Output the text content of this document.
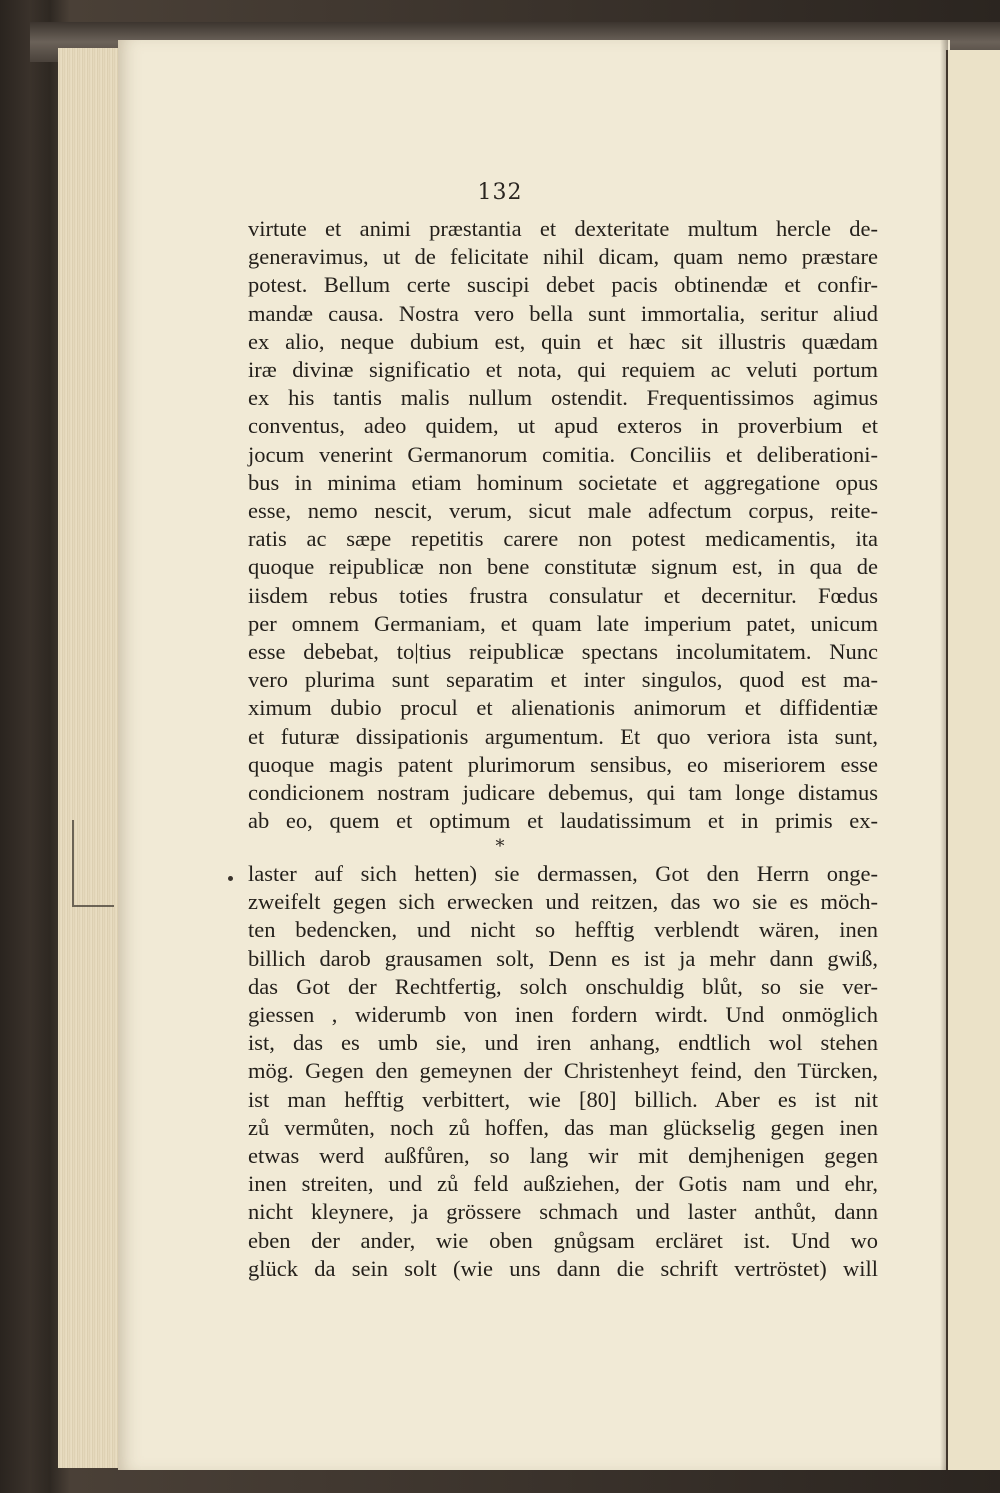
132
virtute et animi præstantia et dexteritate multum hercle de-
generavimus, ut de felicitate nihil dicam, quam nemo præstare
potest. Bellum certe suscipi debet pacis obtinendæ et confir-
mandæ causa. Nostra vero bella sunt immortalia, seritur aliud
ex alio, neque dubium est, quin et hæc sit illustris quædam
iræ divinæ significatio et nota, qui requiem ac veluti portum
ex his tantis malis nullum ostendit. Frequentissimos agimus
conventus, adeo quidem, ut apud exteros in proverbium et
jocum venerint Germanorum comitia. Conciliis et deliberationi-
bus in minima etiam hominum societate et aggregatione opus
esse, nemo nescit, verum, sicut male adfectum corpus, reite-
ratis ac sæpe repetitis carere non potest medicamentis, ita
quoque reipublicæ non bene constitutæ signum est, in qua de
iisdem rebus toties frustra consulatur et decernitur. Fœdus
per omnem Germaniam, et quam late imperium patet, unicum
esse debebat, to|tius reipublicæ spectans incolumitatem. Nunc
vero plurima sunt separatim et inter singulos, quod est ma-
ximum dubio procul et alienationis animorum et diffidentiæ
et futuræ dissipationis argumentum. Et quo veriora ista sunt,
quoque magis patent plurimorum sensibus, eo miseriorem esse
condicionem nostram judicare debemus, qui tam longe distamus
ab eo, quem et optimum et laudatissimum et in primis ex-
*
laster auf sich hetten) sie dermassen, Got den Herrn onge-
zweifelt gegen sich erwecken und reitzen, das wo sie es möch-
ten bedencken, und nicht so hefftig verblendt wären, inen
billich darob grausamen solt, Denn es ist ja mehr dann gwiß,
das Got der Rechtfertig, solch onschuldig blůt, so sie ver-
giessen , widerumb von inen fordern wirdt. Und onmöglich
ist, das es umb sie, und iren anhang, endtlich wol stehen
mög. Gegen den gemeynen der Christenheyt feind, den Türcken,
ist man hefftig verbittert, wie [80] billich. Aber es ist nit
zů vermůten, noch zů hoffen, das man glückselig gegen inen
etwas werd außfůren, so lang wir mit demjhenigen gegen
inen streiten, und zů feld außziehen, der Gotis nam und ehr,
nicht kleynere, ja grössere schmach und laster anthůt, dann
eben der ander, wie oben gnůgsam ercläret ist. Und wo
glück da sein solt (wie uns dann die schrift vertröstet) will
